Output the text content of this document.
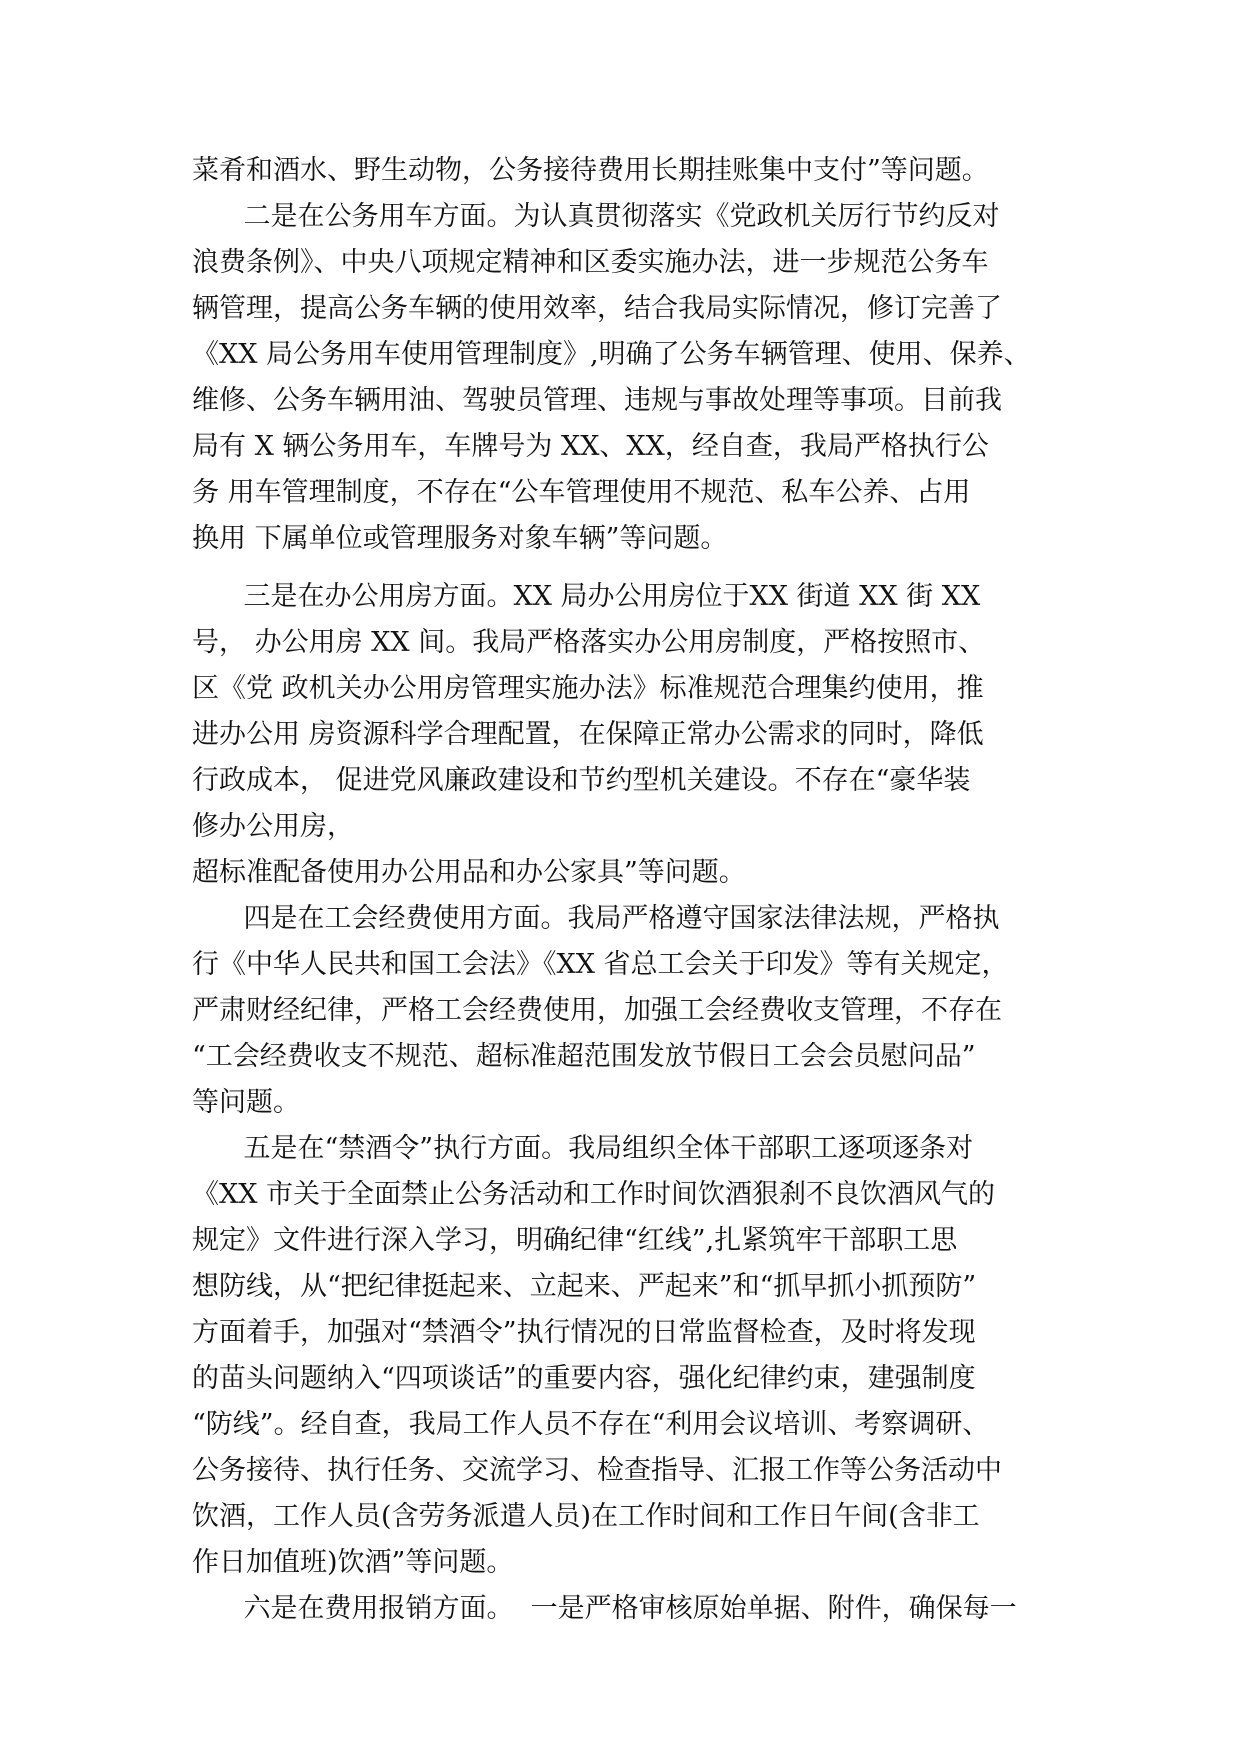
菜肴和酒水、野生动物，公务接待费用长期挂账集中支付”等问题。
二是在公务用车方面。为认真贯彻落实《党政机关厉行节约反对
浪费条例》、中央八项规定精神和区委实施办法，进一步规范公务车
辆管理，提高公务车辆的使用效率，结合我局实际情况，修订完善了
《XX 局公务用车使用管理制度》,明确了公务车辆管理、使用、保养、
维修、公务车辆用油、驾驶员管理、违规与事故处理等事项。目前我
局有 X 辆公务用车，车牌号为 XX、XX，经自查，我局严格执行公
务 用车管理制度，不存在“公车管理使用不规范、私车公养、占用
换用 下属单位或管理服务对象车辆”等问题。
三是在办公用房方面。XX 局办公用房位于XX 街道 XX 街 XX
号， 办公用房 XX 间。我局严格落实办公用房制度，严格按照市、
区《党 政机关办公用房管理实施办法》标准规范合理集约使用，推
进办公用 房资源科学合理配置，在保障正常办公需求的同时，降低
行政成本， 促进党风廉政建设和节约型机关建设。不存在“豪华装
修办公用房，
超标准配备使用办公用品和办公家具”等问题。
四是在工会经费使用方面。我局严格遵守国家法律法规，严格执
行《中华人民共和国工会法》《XX 省总工会关于印发》等有关规定，
严肃财经纪律，严格工会经费使用，加强工会经费收支管理，不存在
“工会经费收支不规范、超标准超范围发放节假日工会会员慰问品”
等问题。
五是在“禁酒令”执行方面。我局组织全体干部职工逐项逐条对
《XX 市关于全面禁止公务活动和工作时间饮酒狠刹不良饮酒风气的
规定》文件进行深入学习，明确纪律“红线”,扎紧筑牢干部职工思
想防线，从“把纪律挺起来、立起来、严起来”和“抓早抓小抓预防”
方面着手，加强对“禁酒令”执行情况的日常监督检查，及时将发现
的苗头问题纳入“四项谈话”的重要内容，强化纪律约束，建强制度
“防线”。经自查，我局工作人员不存在“利用会议培训、考察调研、
公务接待、执行任务、交流学习、检查指导、汇报工作等公务活动中
饮酒，工作人员(含劳务派遣人员)在工作时间和工作日午间(含非工
作日加值班)饮酒”等问题。
六是在费用报销方面。  一是严格审核原始单据、附件，确保每一
